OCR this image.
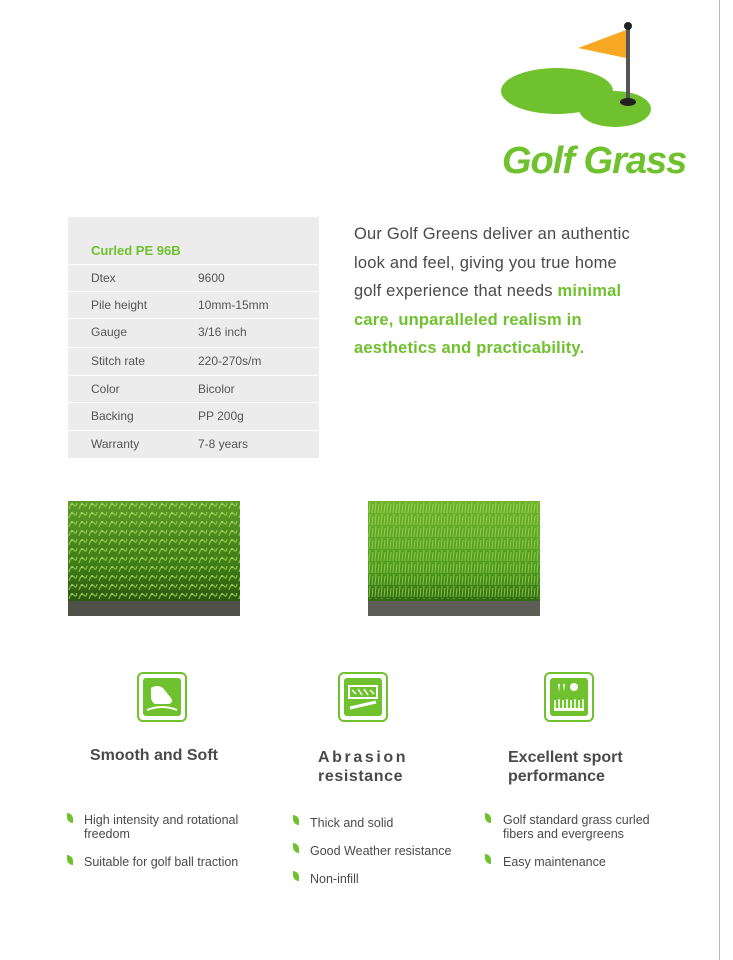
Golf Grass
Curled PE 96B
Dtex	9600
Pile height	10mm-15mm
Gauge	3/16 inch
Stitch rate	220-270s/m
Color	Bicolor
Backing	PP 200g
Warranty	7-8 years
Our Golf Greens deliver an authentic
look and feel, giving you true home
golf experience that needs minimal
care, unparalleled realism in
aesthetics and practicability.
Smooth and Soft	Abrasion
resistance
Excellent sport
performance
High intensity and rotational freedom
Suitable for golf ball traction
Thick and solid
Good Weather resistance
Non-infill
Golf standard grass curled fibers and evergreens
Easy maintenance
